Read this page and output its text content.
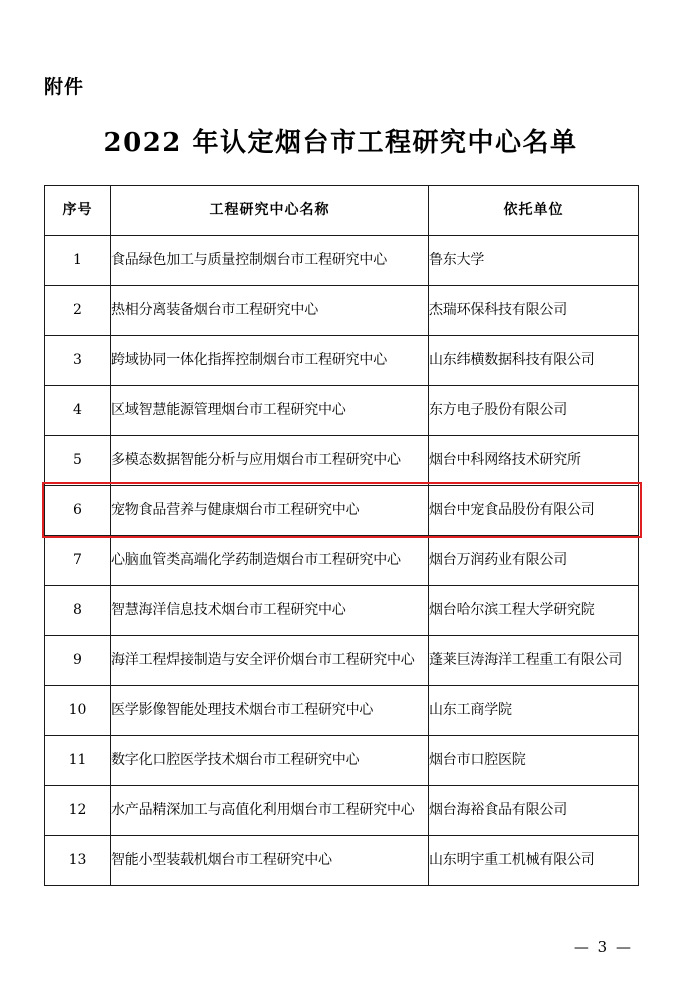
附件
2022 年认定烟台市工程研究中心名单
序号	工程研究中心名称	依托单位
1	食品绿色加工与质量控制烟台市工程研究中心	鲁东大学
2	热相分离装备烟台市工程研究中心	杰瑞环保科技有限公司
3	跨域协同一体化指挥控制烟台市工程研究中心	山东纬横数据科技有限公司
4	区域智慧能源管理烟台市工程研究中心	东方电子股份有限公司
5	多模态数据智能分析与应用烟台市工程研究中心	烟台中科网络技术研究所
6	宠物食品营养与健康烟台市工程研究中心	烟台中宠食品股份有限公司
7	心脑血管类高端化学药制造烟台市工程研究中心	烟台万润药业有限公司
8	智慧海洋信息技术烟台市工程研究中心	烟台哈尔滨工程大学研究院
9	海洋工程焊接制造与安全评价烟台市工程研究中心	蓬莱巨涛海洋工程重工有限公司
10	医学影像智能处理技术烟台市工程研究中心	山东工商学院
11	数字化口腔医学技术烟台市工程研究中心	烟台市口腔医院
12	水产品精深加工与高值化利用烟台市工程研究中心	烟台海裕食品有限公司
13	智能小型装载机烟台市工程研究中心	山东明宇重工机械有限公司
— 3 —
